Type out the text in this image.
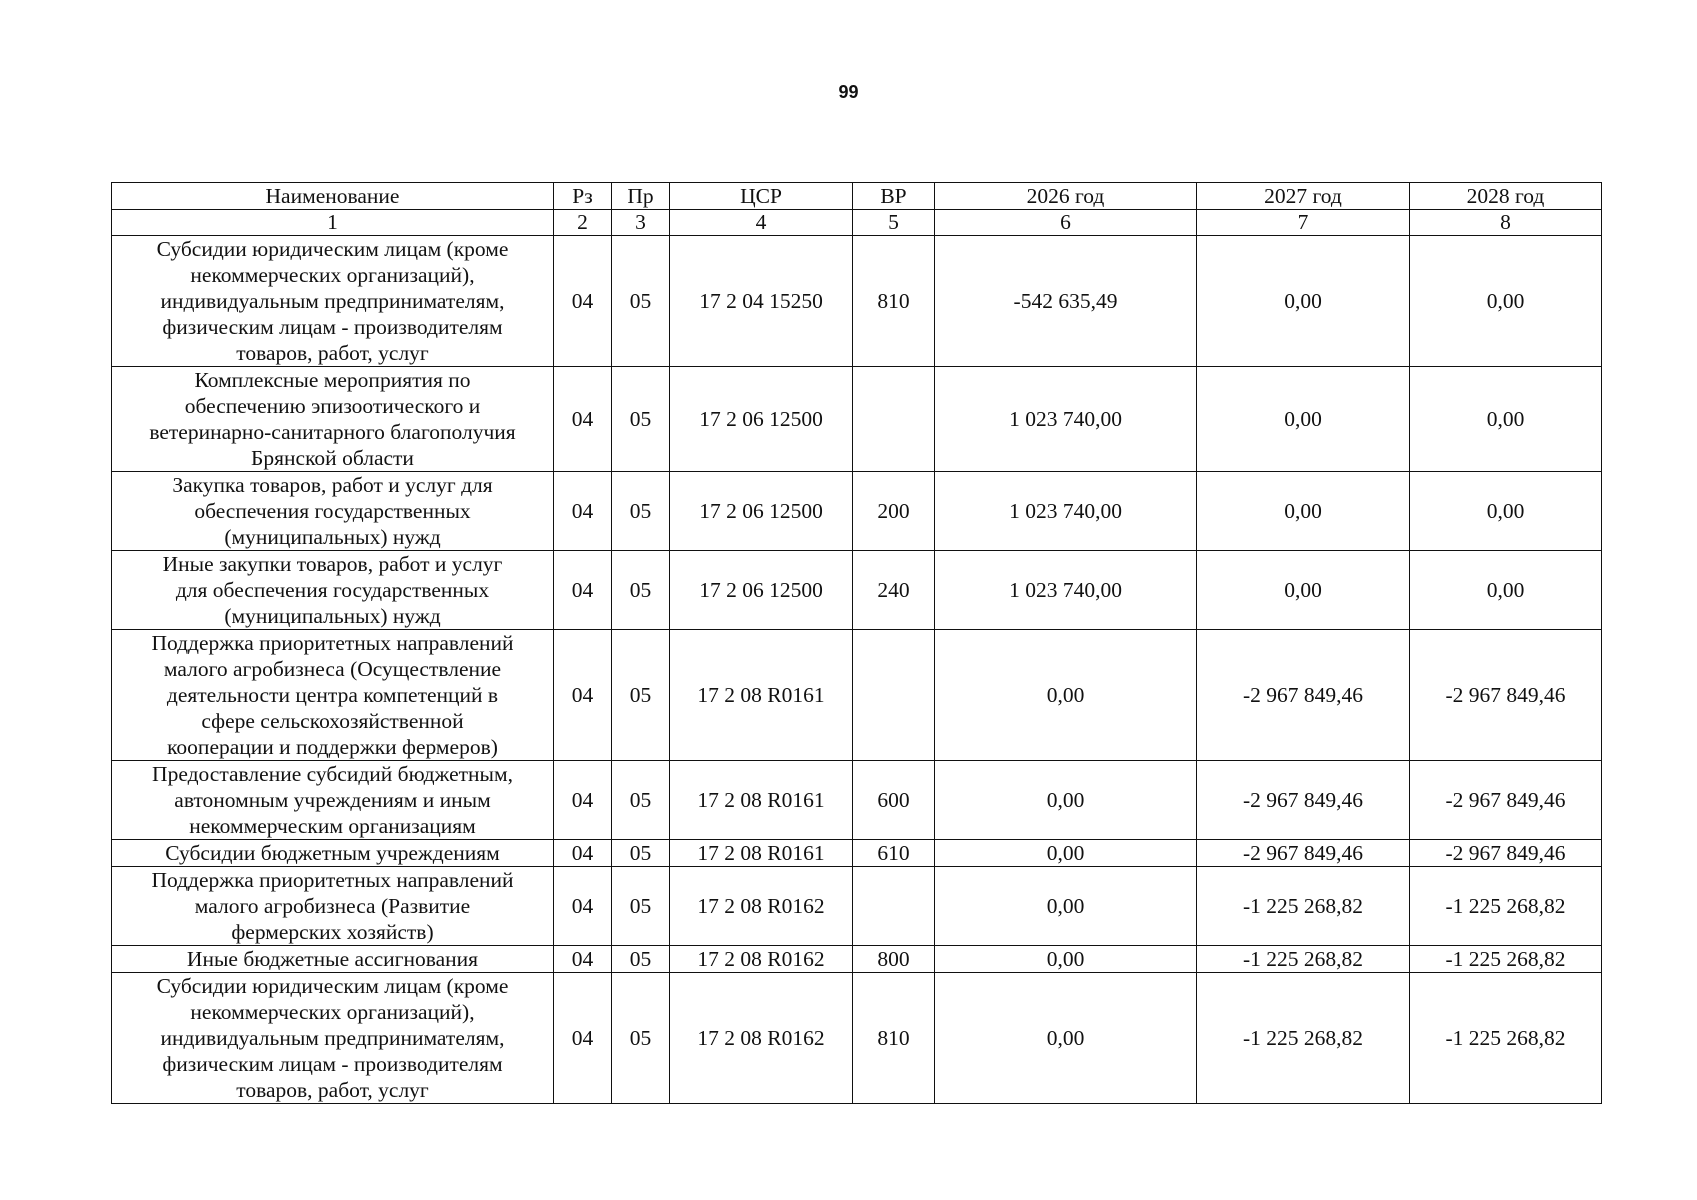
99
Наименование	Рз	Пр	ЦСР	ВР	2026 год	2027 год	2028 год
1	2	3	4	5	6	7	8

Субсидии юридическим лицам (кроме
некоммерческих организаций),
индивидуальным предпринимателям,
физическим лицам - производителям
товаров, работ, услуг	04	05	17 2 04 15250	810	-542 635,49	0,00	0,00

Комплексные мероприятия по
обеспечению эпизоотического и
ветеринарно-санитарного благополучия
Брянской области	04	05	17 2 06 12500		1 023 740,00	0,00	0,00

Закупка товаров, работ и услуг для
обеспечения государственных
(муниципальных) нужд	04	05	17 2 06 12500	200	1 023 740,00	0,00	0,00

Иные закупки товаров, работ и услуг
для обеспечения государственных
(муниципальных) нужд	04	05	17 2 06 12500	240	1 023 740,00	0,00	0,00

Поддержка приоритетных направлений
малого агробизнеса (Осуществление
деятельности центра компетенций в
сфере сельскохозяйственной
кооперации и поддержки фермеров)	04	05	17 2 08 R0161		0,00	-2 967 849,46	-2 967 849,46

Предоставление субсидий бюджетным,
автономным учреждениям и иным
некоммерческим организациям	04	05	17 2 08 R0161	600	0,00	-2 967 849,46	-2 967 849,46

Субсидии бюджетным учреждениям	04	05	17 2 08 R0161	610	0,00	-2 967 849,46	-2 967 849,46

Поддержка приоритетных направлений
малого агробизнеса (Развитие
фермерских хозяйств)	04	05	17 2 08 R0162		0,00	-1 225 268,82	-1 225 268,82

Иные бюджетные ассигнования	04	05	17 2 08 R0162	800	0,00	-1 225 268,82	-1 225 268,82

Субсидии юридическим лицам (кроме
некоммерческих организаций),
индивидуальным предпринимателям,
физическим лицам - производителям
товаров, работ, услуг	04	05	17 2 08 R0162	810	0,00	-1 225 268,82	-1 225 268,82
